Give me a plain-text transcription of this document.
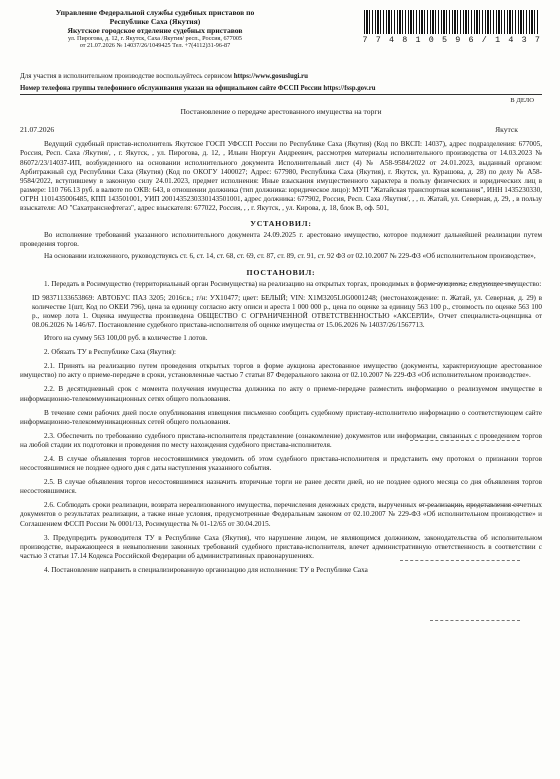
Управление Федеральной службы судебных приставов по Республике Саха (Якутия)
Якутское городское отделение судебных приставов
ул. Пирогова, д. 12, г. Якутск, Саха /Якутия/ респ., Россия, 677005
от 21.07.2026 № 14037/26/1049425 Тел. +7(4112)31-96-87
Для участия в исполнительном производстве воспользуйтесь сервисом https://www.gosuslugi.ru
7 7 4 8 1 0 5 9 6 / 1 4 3 7
Номер телефона группы телефонного обслуживания указан на официальном сайте ФССП России https://fssp.gov.ru
В ДЕЛО
Постановление о передаче арестованного имущества на торги
21.07.2026	Якутск

Ведущий судебный пристав-исполнитель Якутское ГОСП УФССП России по Республике Саха (Якутия) (Код по ВКСП: 14037), адрес подразделения: 677005, Россия, Респ. Саха /Якутия/, , г. Якутск, , ул. Пирогова, д. 12, , Ильин Нюргун Андреевич, рассмотрев материалы исполнительного производства от 14.03.2023 № 86072/23/14037-ИП, возбужденного на основании исполнительного документа Исполнительный лист (4) № А58-9584/2022 от 24.01.2023, выданный органом: Арбитражный суд Республики Саха (Якутия) (Код по ОКОГУ 1400027; Адрес: 677980, Республика Саха (Якутия), г. Якутск, ул. Курашова, д. 28) по делу № А58-9584/2022, вступившему в законную силу 24.01.2023, предмет исполнения: Иные взыскания имущественного характера в пользу физических и юридических лиц в размере: 110 766.13 руб. в валюте по ОКВ: 643, в отношении должника (тип должника: юридическое лицо): МУП "Жатайская транспортная компания", ИНН 1435230330, ОГРН 1101435006485, КПП 143501001, УИП 2001435230330143501001, адрес должника: 677902, Россия, Респ. Саха /Якутия/, , , п. Жатай, ул. Северная, д. 29, , в пользу взыскателя: АО "Сахатранснефтегаз", адрес взыскателя: 677022, Россия, , , г. Якутск, , ул. Кирова, д. 18, блок В, оф. 501,

УСТАНОВИЛ:

Во исполнение требований указанного исполнительного документа 24.09.2025 г. арестовано имущество, которое подлежит дальнейшей реализации путем проведения торгов.

На основании изложенного, руководствуясь ст. 6, ст. 14, ст. 68, ст. 69, ст. 87, ст. 89, ст. 91, ст. 92 ФЗ от 02.10.2007 № 229-ФЗ «Об исполнительном производстве»,

ПОСТАНОВИЛ:

1. Передать в Росимущество (территориальный орган Росимущества) на реализацию на открытых торгах, проводимых в форме аукциона, следующее имущество:

ID 98371133653869: АВТОБУС ПАЗ 3205; 2016г.в.; г/н: УХ10477; цвет: БЕЛЫЙ; VIN: X1M3205L0G0001248; (местонахождение: п. Жатай, ул. Северная, д. 29) в количестве 1(шт, Код по ОКЕИ 796), цена за единицу согласно акту описи и ареста 1 000 000 р., цена по оценке за единицу 563 100 р., стоимость по оценке 563 100 р., номер лота 1. Оценка имущества произведена ОБЩЕСТВО С ОГРАНИЧЕННОЙ ОТВЕТСТВЕННОСТЬЮ «АКСЕРЛИ», Отчет специалиста-оценщика от 08.06.2026 № 146/67. Постановление судебного пристава-исполнителя об оценке имущества от 15.06.2026 № 14037/26/1567713.

Итого на сумму 563 100,00 руб. в количестве 1 лотов.

2. Обязать ТУ в Республике Саха (Якутия):

2.1. Принять на реализацию путем проведения открытых торгов в форме аукциона арестованное имущество (документы, характеризующие арестованное имущество) по акту о приеме-передаче в сроки, установленные частью 7 статьи 87 Федерального закона от 02.10.2007 № 229-ФЗ «Об исполнительном производстве».

2.2. В десятидневный срок с момента получения имущества должника по акту о приеме-передаче разместить информацию о реализуемом имуществе в информационно-телекоммуникационных сетях общего пользования.

В течение семи рабочих дней после опубликования извещения письменно сообщить судебному приставу-исполнителю информацию о соответствующем сайте информационно-телекоммуникационных сетей общего пользования.

2.3. Обеспечить по требованию судебного пристава-исполнителя представление (ознакомление) документов или информации, связанных с проведением торгов на любой стадии их подготовки и проведения по месту нахождения судебного пристава-исполнителя.

2.4. В случае объявления торгов несостоявшимися уведомить об этом судебного пристава-исполнителя и представить ему протокол о признании торгов несостоявшимися не позднее одного дня с даты наступления указанного события.

2.5. В случае объявления торгов несостоявшимися назначить вторичные торги не ранее десяти дней, но не позднее одного месяца со дня объявления торгов несостоявшимися.

2.6. Соблюдать сроки реализации, возврата нереализованного имущества, перечисления денежных средств, вырученных от реализации, представления отчетных документов о результатах реализации, а также иные условия, предусмотренные Федеральным законом от 02.10.2007 № 229-ФЗ «Об исполнительном производстве» и Соглашением ФССП России № 0001/13, Росимущества № 01-12/65 от 30.04.2015.

3. Предупредить руководителя ТУ в Республике Саха (Якутия), что нарушение лицом, не являющимся должником, законодательства об исполнительном производстве, выражающееся в невыполнении законных требований судебного пристава-исполнителя, влечет административную ответственность в соответствии с частью 3 статьи 17.14 Кодекса Российской Федерации об административных правонарушениях.

4. Постановление направить в специализированную организацию для исполнения: ТУ в Республике Саха
